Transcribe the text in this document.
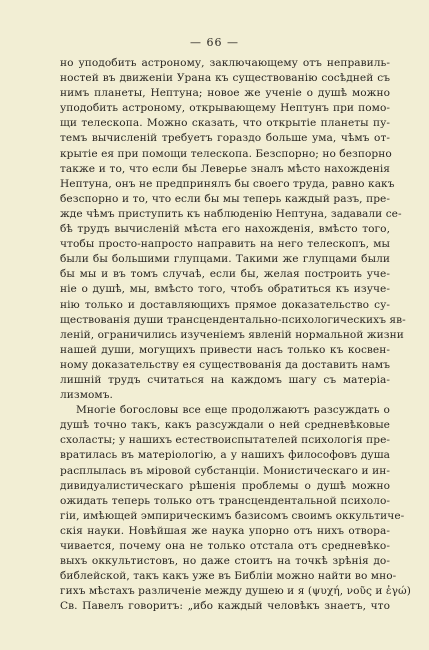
— 66 —
но уподобить астроному, заключающему отъ неправиль-
ностей въ движеніи Урана къ существованію сосѣдней съ
нимъ планеты, Нептуна; новое же ученіе о душѣ можно
уподобить астроному, открывающему Нептунъ при помо-
щи телескопа. Можно сказать, что открытіе планеты пу-
темъ вычисленій требуетъ гораздо больше ума, чѣмъ от-
крытіе ея при помощи телескопа. Безспорно; но безпорно
также и то, что если бы Леверье зналъ мѣсто нахожденія
Нептуна, онъ не предпринялъ бы своего труда, равно какъ
безспорно и то, что если бы мы теперь каждый разъ, пре-
жде чѣмъ приступить къ наблюденію Нептуна, задавали се-
бѣ трудъ вычисленій мѣста его нахожденія, вмѣсто того,
чтобы просто-напросто направить на него телескопъ, мы
были бы большими глупцами. Такими же глупцами были
бы мы и въ томъ случаѣ, если бы, желая построить уче-
ніе о душѣ, мы, вмѣсто того, чтобъ обратиться къ изуче-
нію только и доставляющихъ прямое доказательство су-
ществованія души трансцендентально-психологическихъ яв-
леній, ограничились изученіемъ явленій нормальной жизни
нашей души, могущихъ привести насъ только къ косвен-
ному доказательству ея существованія да доставить намъ
лишній трудъ считаться на каждомъ шагу съ матеріа-
лизмомъ.
Многіе богословы все еще продолжаютъ разсуждать о
душѣ точно такъ, какъ разсуждали о ней средневѣковые
схоласты; у нашихъ естествоиспытателей психологія пре-
вратилась въ матеріологію, а у нашихъ философовъ душа
расплылась въ міровой субстанціи. Монистическаго и ин-
дивидуалистическаго рѣшенія проблемы о душѣ можно
ожидать теперь только отъ трансцендентальной психоло-
гіи, имѣющей эмпирическимъ базисомъ своимъ оккультиче-
скія науки. Новѣйшая же наука упорно отъ нихъ отвора-
чивается, почему она не только отстала отъ средневѣко-
выхъ оккультистовъ, но даже стоитъ на точкѣ зрѣнія до-
библейской, такъ какъ уже въ Библіи можно найти во мно-
гихъ мѣстахъ различеніе между душею и я (ψυχή, νοῦς и ἐγώ)
Св. Павелъ говоритъ: „ибо каждый человѣкъ знаетъ, что
